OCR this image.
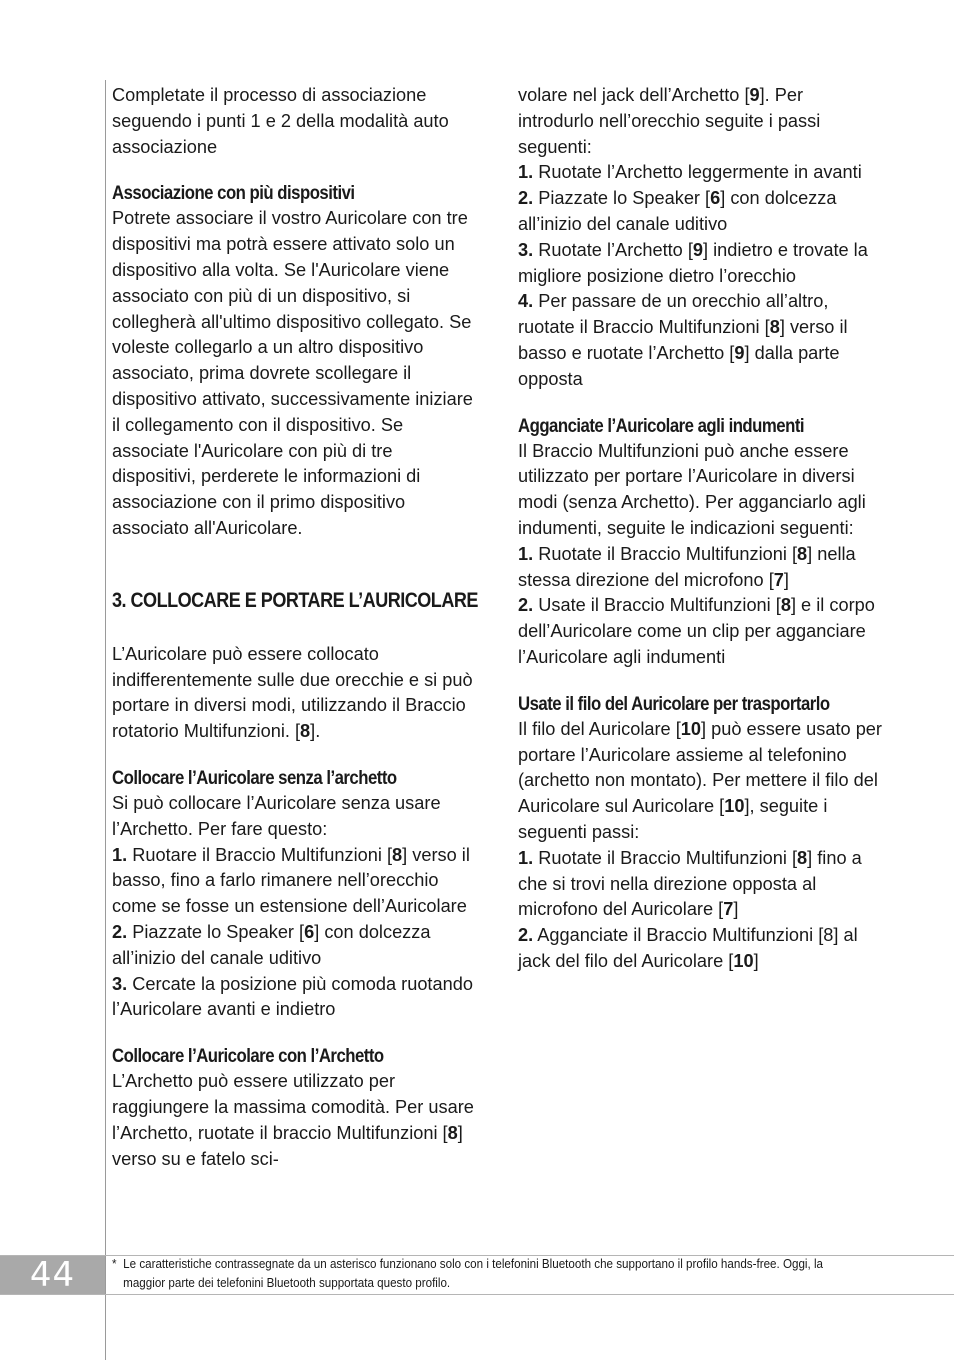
Completate il processo di associazione seguendo i punti 1 e 2 della modalità auto associazione

Associazione con più dispositivi

Potrete associare il vostro Auricolare con tre dispositivi ma potrà essere attivato solo un dispositivo alla volta. Se l'Auricolare viene associato con più di un dispositivo, si collegherà all'ultimo dispositivo collegato. Se voleste collegarlo a un altro dispositivo associato, prima dovrete scollegare il dispositivo attivato, successivamente iniziare il collegamento con il dispositivo. Se associate l'Auricolare con più di tre dispositivi, perderete le informazioni di associazione con il primo dispositivo associato all'Auricolare.

3. COLLOCARE E PORTARE L’AURICOLARE

L’Auricolare può essere collocato indifferentemente sulle due orecchie e si può portare in diversi modi, utilizzando il Braccio rotatorio Multifunzioni. [8].

Collocare l’Auricolare senza l’archetto

Si può collocare l’Auricolare senza usare l’Archetto. Per fare questo:

1. Ruotare il Braccio Multifunzioni [8] verso il basso, fino a farlo rimanere nell’orecchio come se fosse un estensione dell’Auricolare

2. Piazzate lo Speaker [6] con dolcezza all’inizio del canale uditivo

3. Cercate la posizione più comoda ruotando l’Auricolare avanti e indietro

Collocare l’Auricolare con l’Archetto

L’Archetto può essere utilizzato per raggiungere la massima comodità. Per usare l’Archetto, ruotate il braccio Multifunzioni [8] verso su e fatelo sci-

volare nel jack dell’Archetto [9]. Per introdurlo nell’orecchio seguite i passi seguenti:

1. Ruotate l’Archetto leggermente in avanti

2. Piazzate lo Speaker [6] con dolcezza all’inizio del canale uditivo

3. Ruotate l’Archetto [9] indietro e trovate la migliore posizione dietro l’orecchio

4. Per passare de un orecchio all’altro, ruotate il Braccio Multifunzioni [8] verso il basso e ruotate l’Archetto [9] dalla parte opposta

Agganciate l’Auricolare agli indumenti

Il Braccio Multifunzioni può anche essere utilizzato per portare l’Auricolare in diversi modi (senza Archetto). Per agganciarlo agli indumenti, seguite le indicazioni seguenti:

1. Ruotate il Braccio Multifunzioni [8] nella stessa direzione del microfono [7]

2. Usate il Braccio Multifunzioni [8] e il corpo dell’Auricolare come un clip per agganciare l’Auricolare agli indumenti

Usate il filo del Auricolare per trasportarlo

Il filo del Auricolare [10] può essere usato per portare l’Auricolare assieme al telefonino (archetto non montato). Per mettere il filo del Auricolare sul Auricolare [10], seguite i seguenti passi:

1. Ruotate il Braccio Multifunzioni [8] fino a che si trovi nella direzione opposta al microfono del Auricolare [7]

2. Agganciate il Braccio Multifunzioni [8] al jack del filo del Auricolare [10]

44	* Le caratteristiche contrassegnate da un asterisco funzionano solo con i telefonini Bluetooth che supportano il profilo hands-free. Oggi, la maggior parte dei telefonini Bluetooth supportata questo profilo.
